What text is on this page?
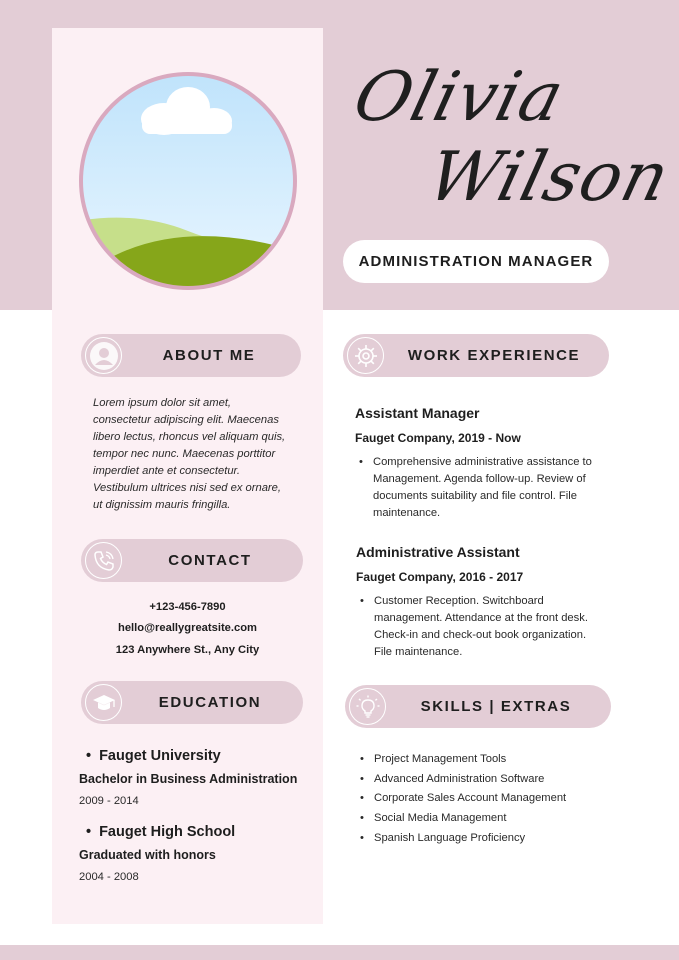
Olivia
Wilson
ADMINISTRATION MANAGER
ABOUT ME
Lorem ipsum dolor sit amet,
consectetur adipiscing elit. Maecenas
libero lectus, rhoncus vel aliquam quis,
tempor nec nunc. Maecenas porttitor
imperdiet ante et consectetur.
Vestibulum ultrices nisi sed ex ornare,
ut dignissim mauris fringilla.
CONTACT
+123-456-7890
hello@reallygreatsite.com
123 Anywhere St., Any City
EDUCATION
• Fauget University
Bachelor in Business Administration
2009 - 2014
• Fauget High School
Graduated with honors
2004 - 2008
WORK EXPERIENCE
Assistant Manager
Fauget Company, 2019 - Now
• Comprehensive administrative assistance to
Management. Agenda follow-up. Review of
documents suitability and file control. File
maintenance.
Administrative Assistant
Fauget Company, 2016 - 2017
• Customer Reception. Switchboard
management. Attendance at the front desk.
Check-in and check-out book organization.
File maintenance.
SKILLS | EXTRAS
• Project Management Tools
• Advanced Administration Software
• Corporate Sales Account Management
• Social Media Management
• Spanish Language Proficiency
